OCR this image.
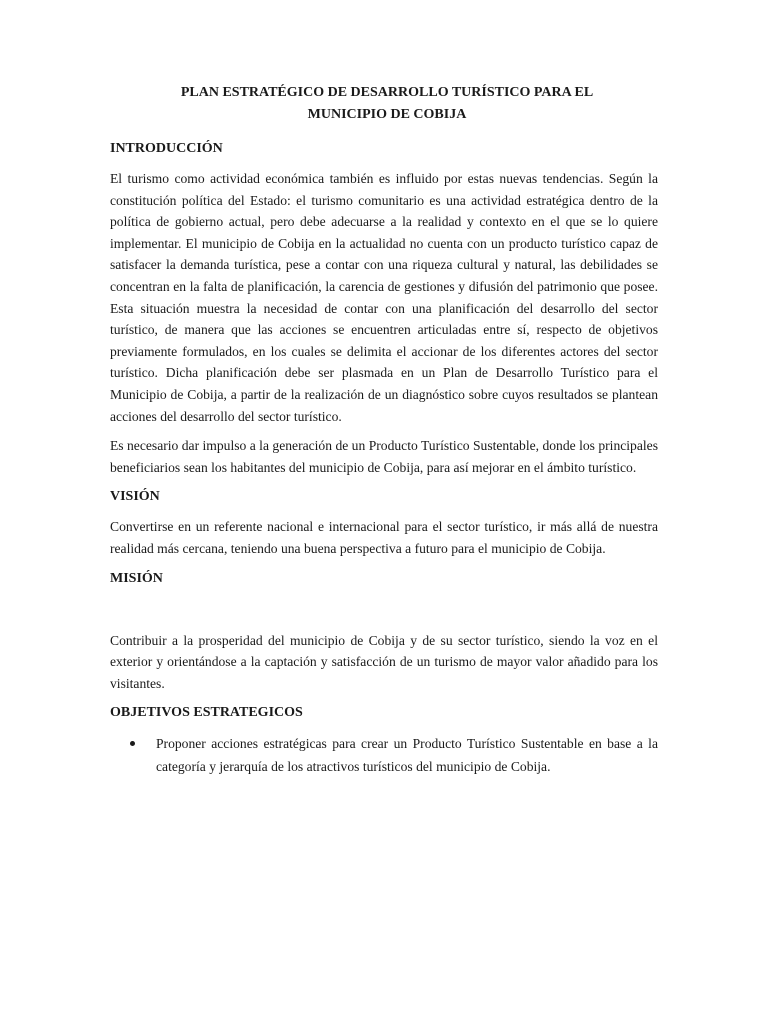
PLAN ESTRATÉGICO DE DESARROLLO TURÍSTICO PARA EL
MUNICIPIO DE COBIJA
INTRODUCCIÓN

El turismo como actividad económica también es influido por estas nuevas tendencias. Según la constitución política del Estado: el turismo comunitario es una actividad estratégica dentro de la política de gobierno actual, pero debe adecuarse a la realidad y contexto en el que se lo quiere implementar. El municipio de Cobija en la actualidad no cuenta con un producto turístico capaz de satisfacer la demanda turística, pese a contar con una riqueza cultural y natural, las debilidades se concentran en la falta de planificación, la carencia de gestiones y difusión del patrimonio que posee. Esta situación muestra la necesidad de contar con una planificación del desarrollo del sector turístico, de manera que las acciones se encuentren articuladas entre sí, respecto de objetivos previamente formulados, en los cuales se delimita el accionar de los diferentes actores del sector turístico. Dicha planificación debe ser plasmada en un Plan de Desarrollo Turístico para el Municipio de Cobija, a partir de la realización de un diagnóstico sobre cuyos resultados se plantean acciones del desarrollo del sector turístico.

Es necesario dar impulso a la generación de un Producto Turístico Sustentable, donde los principales beneficiarios sean los habitantes del municipio de Cobija, para así mejorar en el ámbito turístico.

VISIÓN

Convertirse en un referente nacional e internacional para el sector turístico, ir más allá de nuestra realidad más cercana, teniendo una buena perspectiva a futuro para el municipio de Cobija.

MISIÓN

Contribuir a la prosperidad del municipio de Cobija y de su sector turístico, siendo la voz en el exterior y orientándose a la captación y satisfacción de un turismo de mayor valor añadido para los visitantes.

OBJETIVOS ESTRATEGICOS
Proponer acciones estratégicas para crear un Producto Turístico Sustentable en base a la categoría y jerarquía de los atractivos turísticos del municipio de Cobija.
